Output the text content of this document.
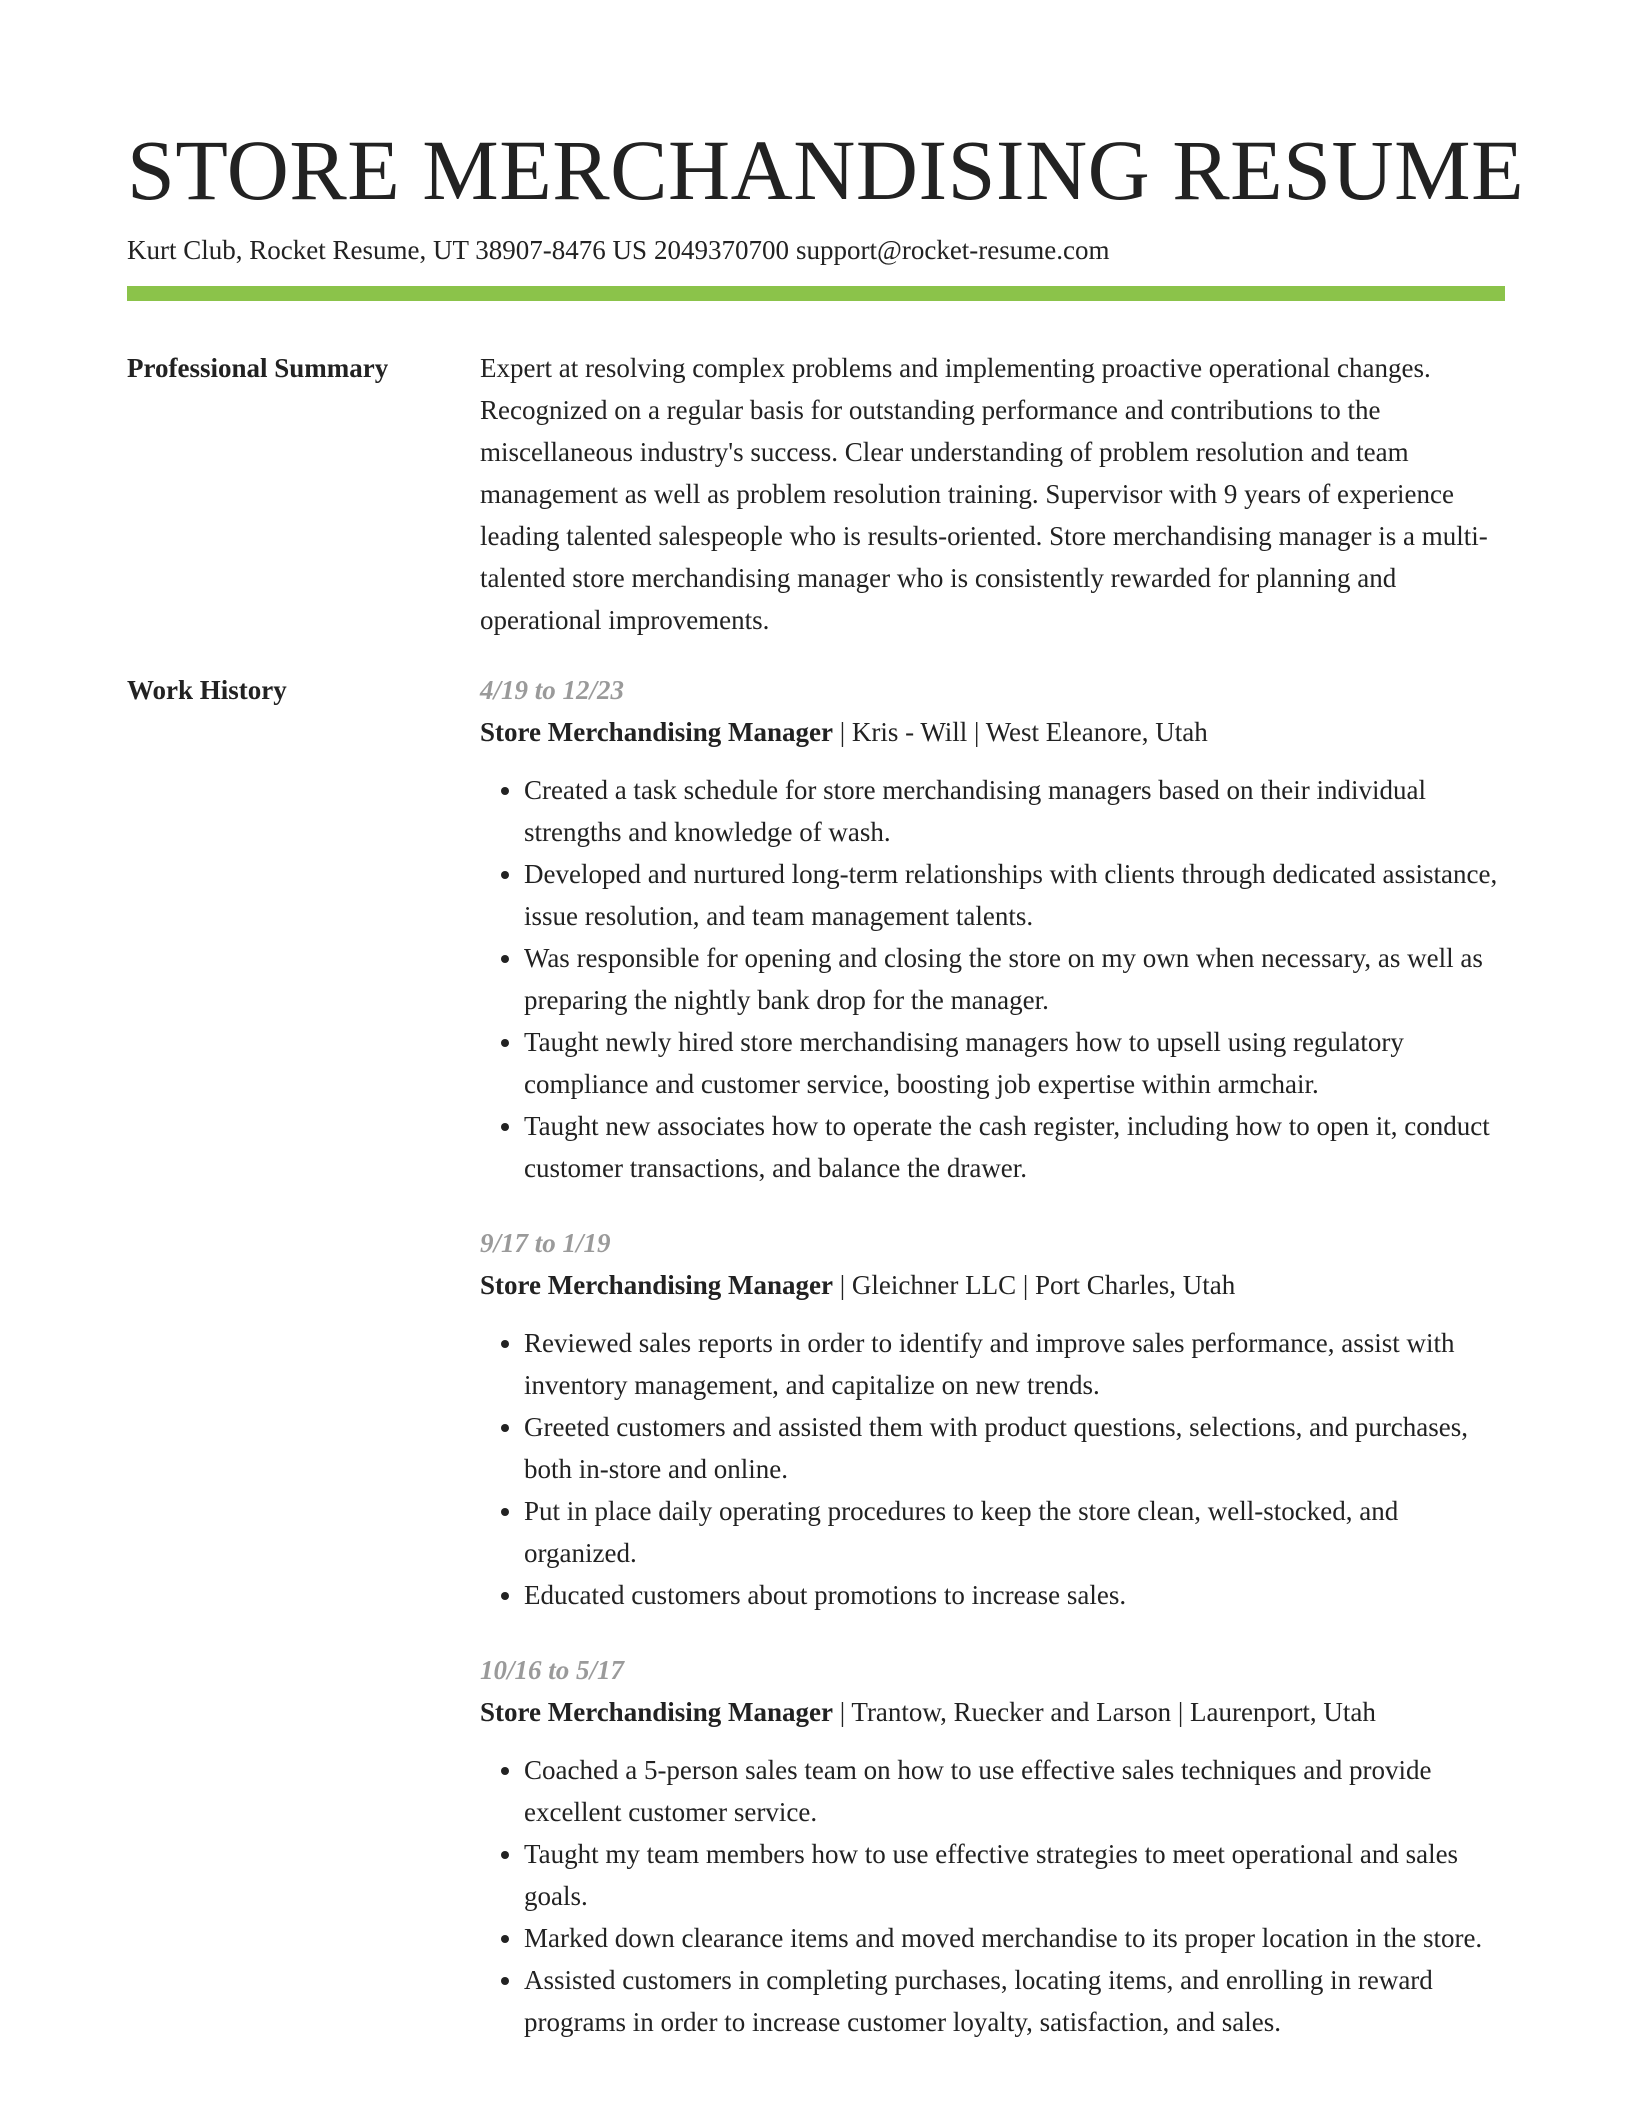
STORE MERCHANDISING RESUME
Kurt Club, Rocket Resume, UT 38907-8476 US 2049370700 support@rocket-resume.com
Professional Summary	Expert at resolving complex problems and implementing proactive operational changes. Recognized on a regular basis for outstanding performance and contributions to the miscellaneous industry's success. Clear understanding of problem resolution and team management as well as problem resolution training. Supervisor with 9 years of experience leading talented salespeople who is results-oriented. Store merchandising manager is a multi-talented store merchandising manager who is consistently rewarded for planning and operational improvements.

Work History	4/19 to 12/23
Store Merchandising Manager | Kris - Will | West Eleanore, Utah
• Created a task schedule for store merchandising managers based on their individual strengths and knowledge of wash.
• Developed and nurtured long-term relationships with clients through dedicated assistance, issue resolution, and team management talents.
• Was responsible for opening and closing the store on my own when necessary, as well as preparing the nightly bank drop for the manager.
• Taught newly hired store merchandising managers how to upsell using regulatory compliance and customer service, boosting job expertise within armchair.
• Taught new associates how to operate the cash register, including how to open it, conduct customer transactions, and balance the drawer.
9/17 to 1/19
Store Merchandising Manager | Gleichner LLC | Port Charles, Utah
• Reviewed sales reports in order to identify and improve sales performance, assist with inventory management, and capitalize on new trends.
• Greeted customers and assisted them with product questions, selections, and purchases, both in-store and online.
• Put in place daily operating procedures to keep the store clean, well-stocked, and organized.
• Educated customers about promotions to increase sales.
10/16 to 5/17
Store Merchandising Manager | Trantow, Ruecker and Larson | Laurenport, Utah
• Coached a 5-person sales team on how to use effective sales techniques and provide excellent customer service.
• Taught my team members how to use effective strategies to meet operational and sales goals.
• Marked down clearance items and moved merchandise to its proper location in the store.
• Assisted customers in completing purchases, locating items, and enrolling in reward programs in order to increase customer loyalty, satisfaction, and sales.
